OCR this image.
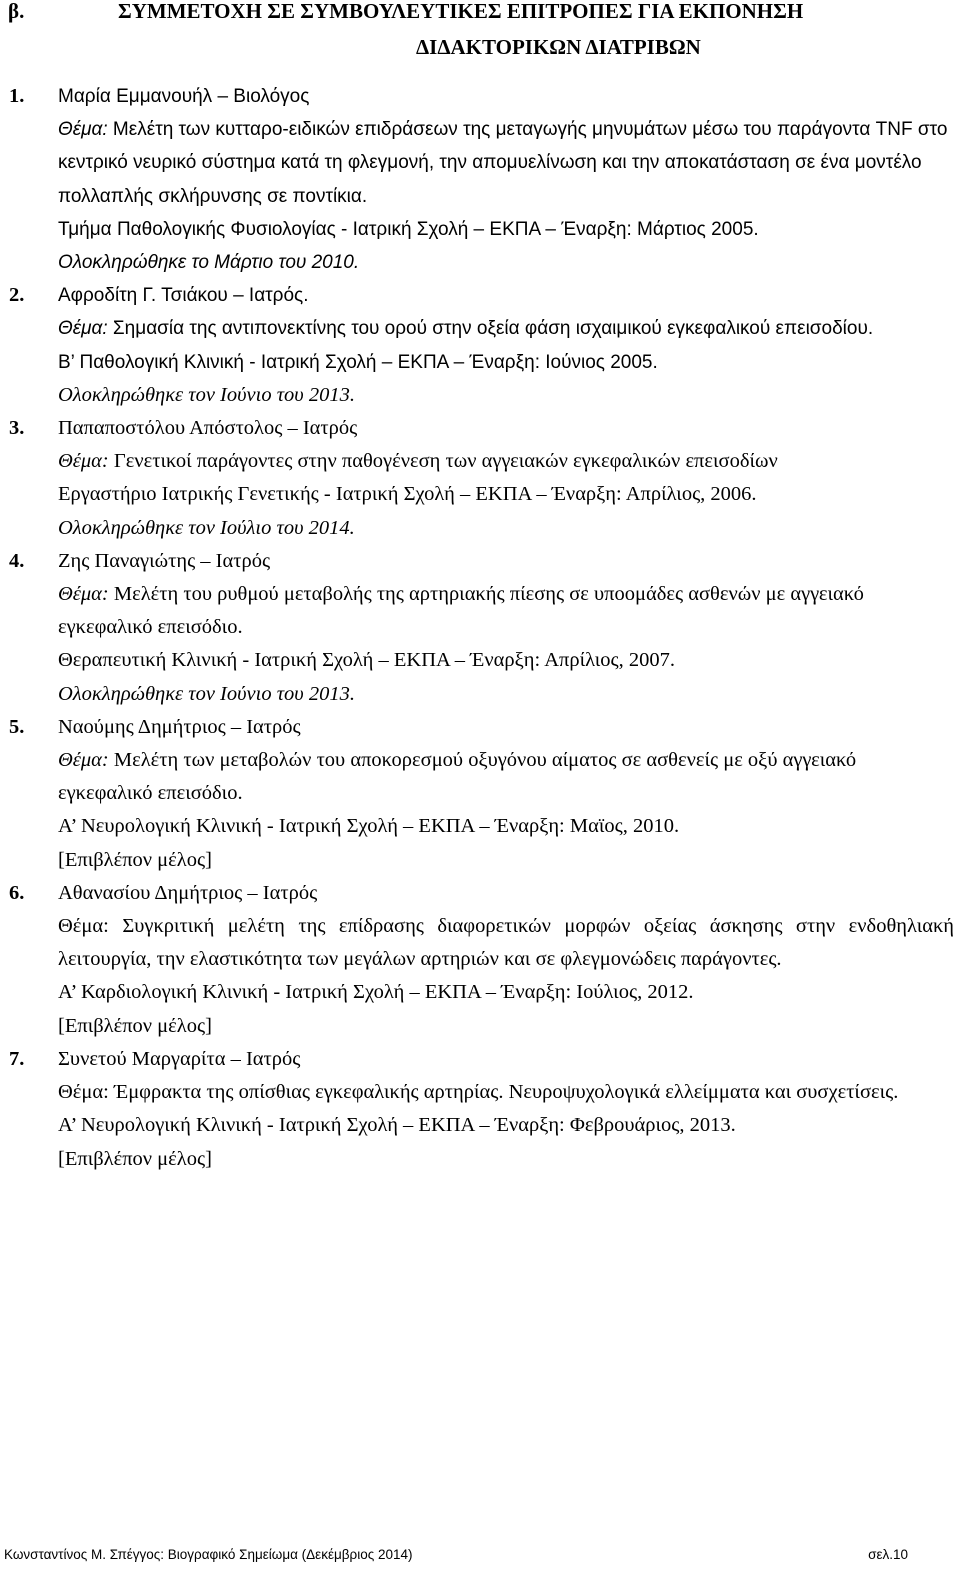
β.	ΣΥΜΜΕΤΟΧΗ ΣΕ ΣΥΜΒΟΥΛΕΥΤΙΚΕΣ ΕΠΙΤΡΟΠΕΣ ΓΙΑ ΕΚΠΟΝΗΣΗ
ΔΙΔΑΚΤΟΡΙΚΩΝ ΔΙΑΤΡΙΒΩΝ
1. Μαρία Εμμανουήλ – Βιολόγος
Θέμα: Μελέτη των κυτταρο-ειδικών επιδράσεων της μεταγωγής μηνυμάτων μέσω του παράγοντα TNF στο κεντρικό νευρικό σύστημα κατά τη φλεγμονή, την απομυελίνωση και την αποκατάσταση σε ένα μοντέλο πολλαπλής σκλήρυνσης σε ποντίκια.
Τμήμα Παθολογικής Φυσιολογίας - Ιατρική Σχολή – ΕΚΠΑ – Έναρξη: Μάρτιος 2005.
Ολοκληρώθηκε το Μάρτιο του 2010.
2. Αφροδίτη Γ. Τσιάκου – Ιατρός.
Θέμα: Σημασία της αντιπονεκτίνης του ορού στην οξεία φάση ισχαιμικού εγκεφαλικού επεισοδίου.
Β’ Παθολογική Κλινική - Ιατρική Σχολή – ΕΚΠΑ – Έναρξη: Ιούνιος 2005.
Ολοκληρώθηκε τον Ιούνιο του 2013.
3. Παπαποστόλου Απόστολος – Ιατρός
Θέμα: Γενετικοί παράγοντες στην παθογένεση των αγγειακών εγκεφαλικών επεισοδίων
Εργαστήριο Ιατρικής Γενετικής - Ιατρική Σχολή – ΕΚΠΑ – Έναρξη: Απρίλιος, 2006.
Ολοκληρώθηκε τον Ιούλιο του 2014.
4. Ζης Παναγιώτης – Ιατρός
Θέμα: Μελέτη του ρυθμού μεταβολής της αρτηριακής πίεσης σε υποομάδες ασθενών με αγγειακό εγκεφαλικό επεισόδιο.
Θεραπευτική Κλινική - Ιατρική Σχολή – ΕΚΠΑ – Έναρξη: Απρίλιος, 2007.
Ολοκληρώθηκε τον Ιούνιο του 2013.
5. Ναούμης Δημήτριος – Ιατρός
Θέμα: Μελέτη των μεταβολών του αποκορεσμού οξυγόνου αίματος σε ασθενείς με οξύ αγγειακό εγκεφαλικό επεισόδιο.
Α’ Νευρολογική Κλινική - Ιατρική Σχολή – ΕΚΠΑ – Έναρξη: Μαϊος, 2010.
[Επιβλέπον μέλος]
6. Αθανασίου Δημήτριος – Ιατρός
Θέμα: Συγκριτική μελέτη της επίδρασης διαφορετικών μορφών οξείας άσκησης στην ενδοθηλιακή λειτουργία, την ελαστικότητα των μεγάλων αρτηριών και σε φλεγμονώδεις παράγοντες.
Α’ Καρδιολογική Κλινική - Ιατρική Σχολή – ΕΚΠΑ – Έναρξη: Ιούλιος, 2012.
[Επιβλέπον μέλος]
7. Συνετού Μαργαρίτα – Ιατρός
Θέμα: Έμφρακτα της οπίσθιας εγκεφαλικής αρτηρίας. Νευροψυχολογικά ελλείμματα και συσχετίσεις.
Α’ Νευρολογική Κλινική - Ιατρική Σχολή – ΕΚΠΑ – Έναρξη: Φεβρουάριος, 2013.
[Επιβλέπον μέλος]
Κωνσταντίνος Μ. Σπέγγος: Βιογραφικό Σημείωμα (Δεκέμβριος 2014)	σελ.10
